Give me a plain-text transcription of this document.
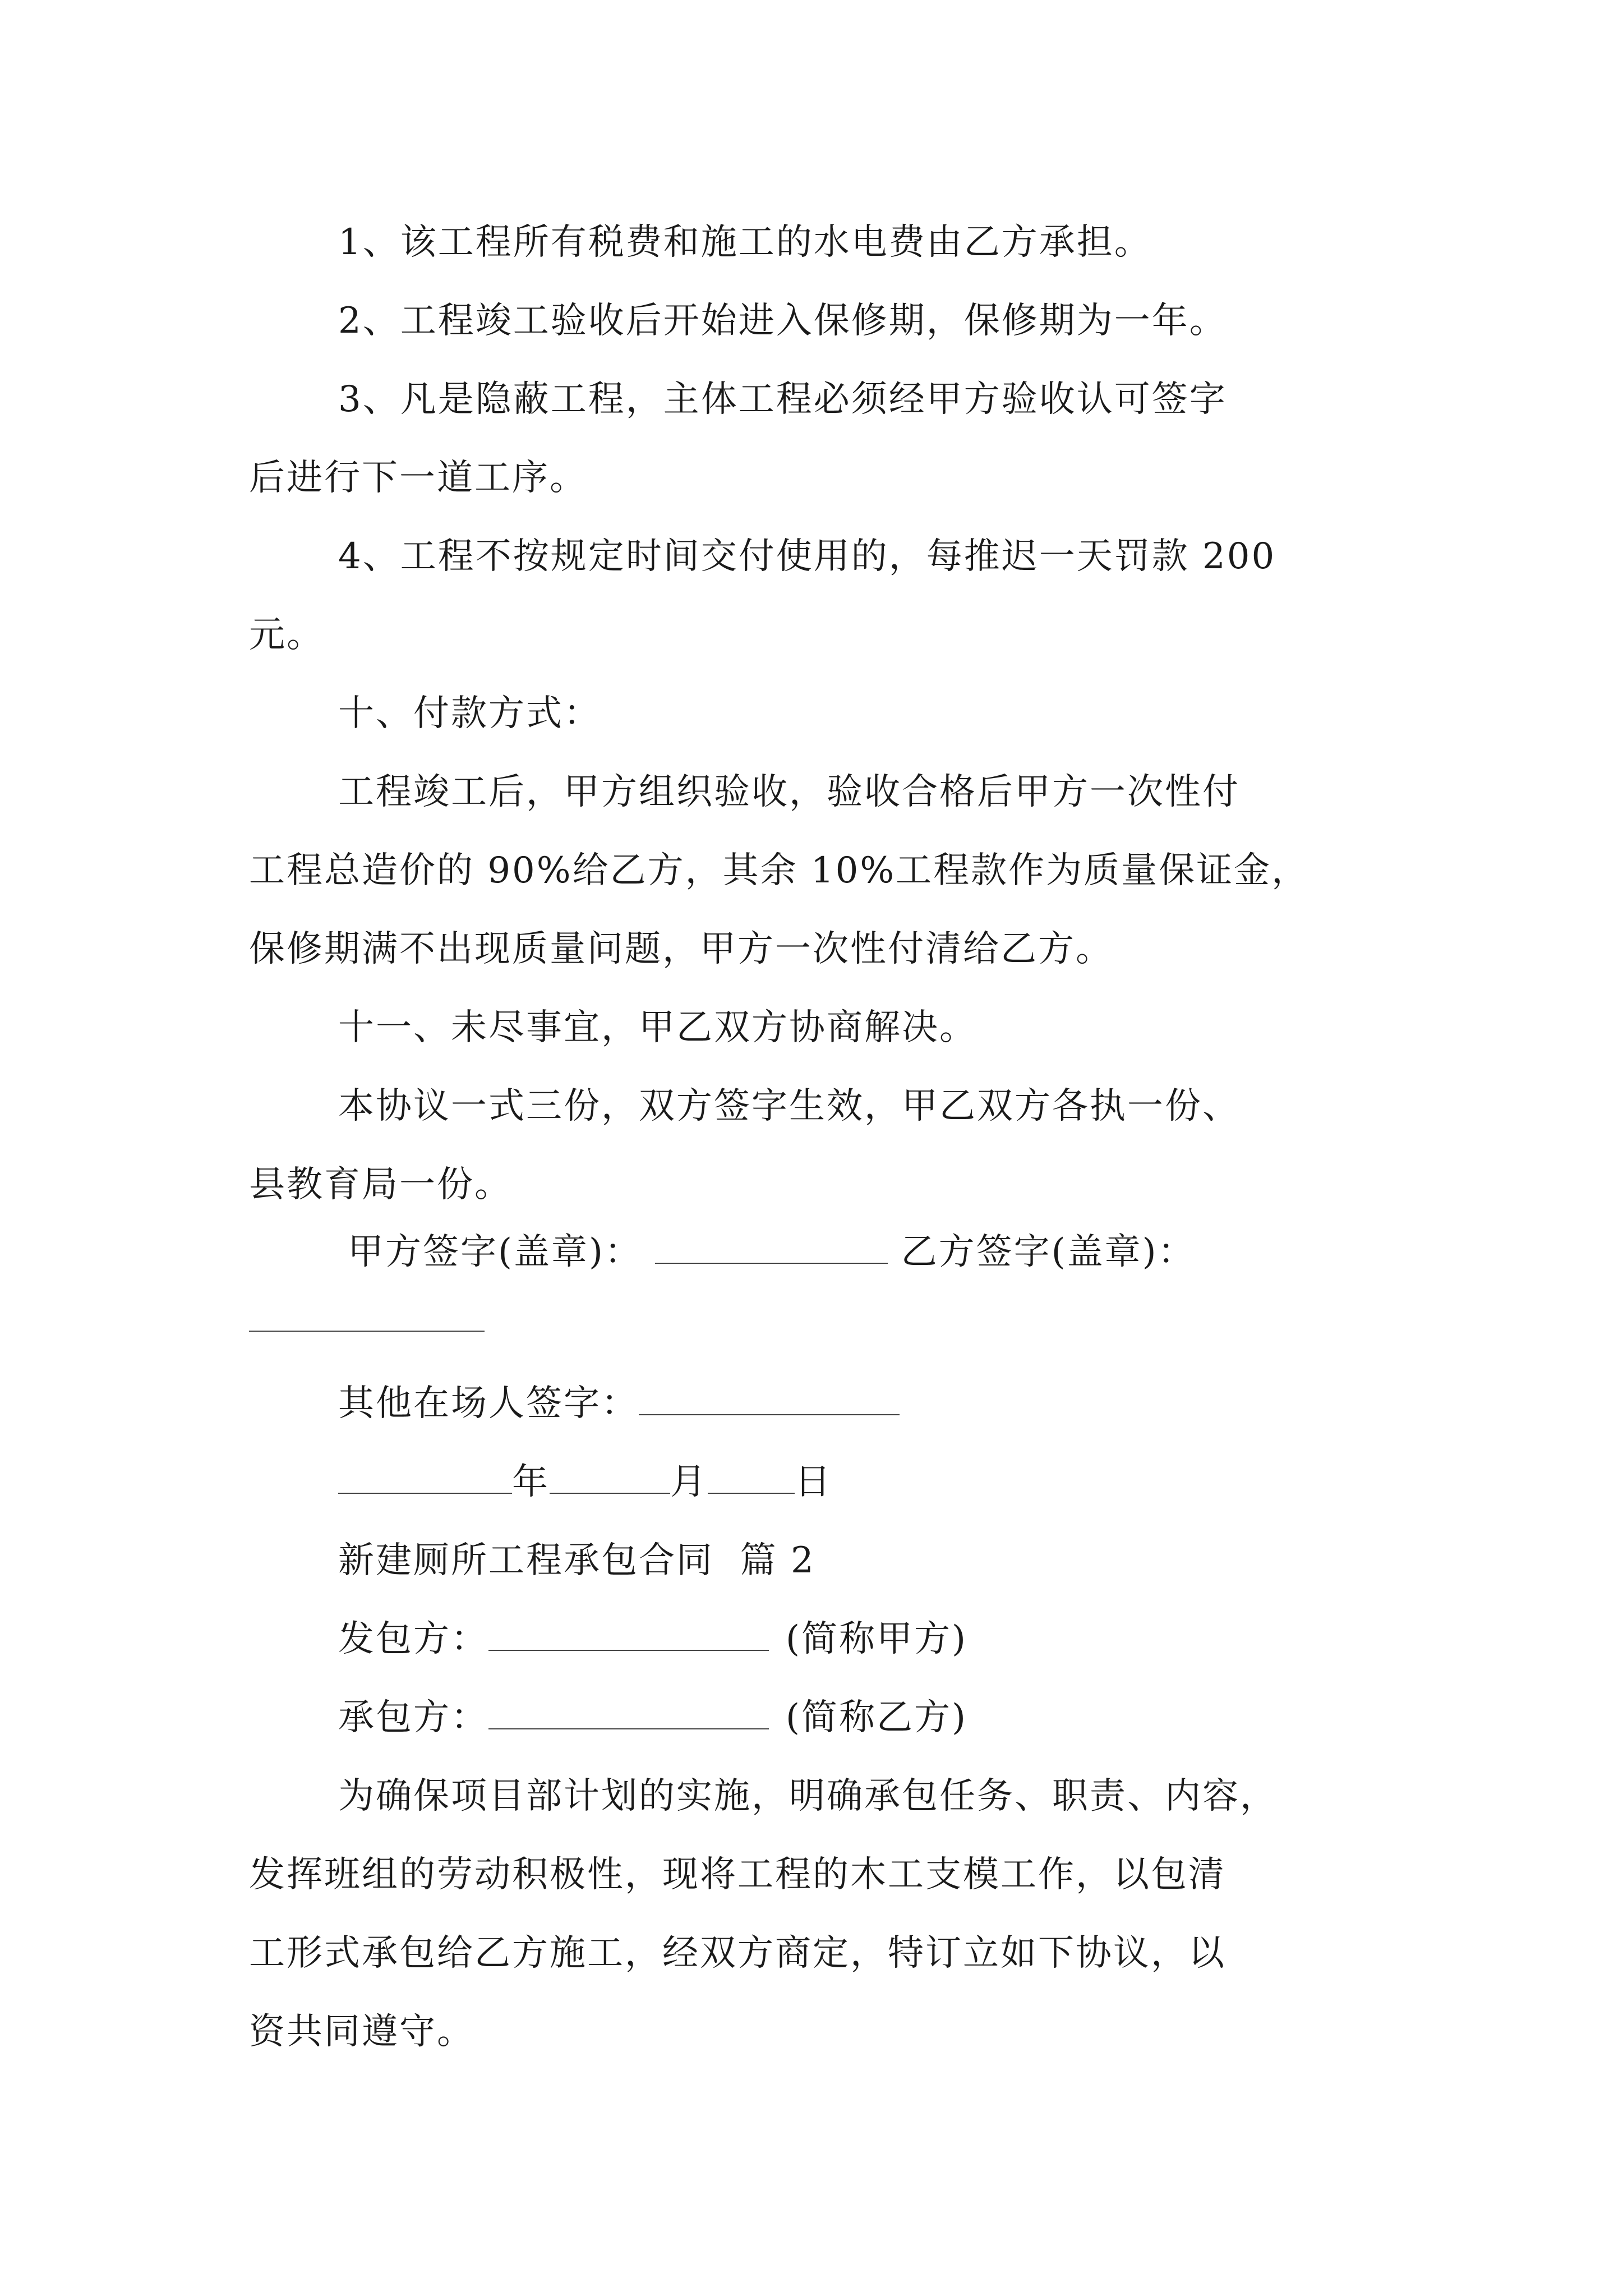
1、该工程所有税费和施工的水电费由乙方承担。
2、工程竣工验收后开始进入保修期，保修期为一年。
3、凡是隐蔽工程，主体工程必须经甲方验收认可签字
后进行下一道工序。
4、工程不按规定时间交付使用的，每推迟一天罚款 200
元。
十、付款方式：
工程竣工后，甲方组织验收，验收合格后甲方一次性付
工程总造价的 90%给乙方，其余 10%工程款作为质量保证金，
保修期满不出现质量问题，甲方一次性付清给乙方。
十一、未尽事宜，甲乙双方协商解决。
本协议一式三份，双方签字生效，甲乙双方各执一份、
县教育局一份。
甲方签字(盖章)：	乙方签字(盖章)：
其他在场人签字：
年	月 日
新建厕所工程承包合同  篇 2
发包方：	(简称甲方)
承包方：	(简称乙方)
为确保项目部计划的实施，明确承包任务、职责、内容，
发挥班组的劳动积极性，现将工程的木工支模工作，以包清
工形式承包给乙方施工，经双方商定，特订立如下协议，以
资共同遵守。
